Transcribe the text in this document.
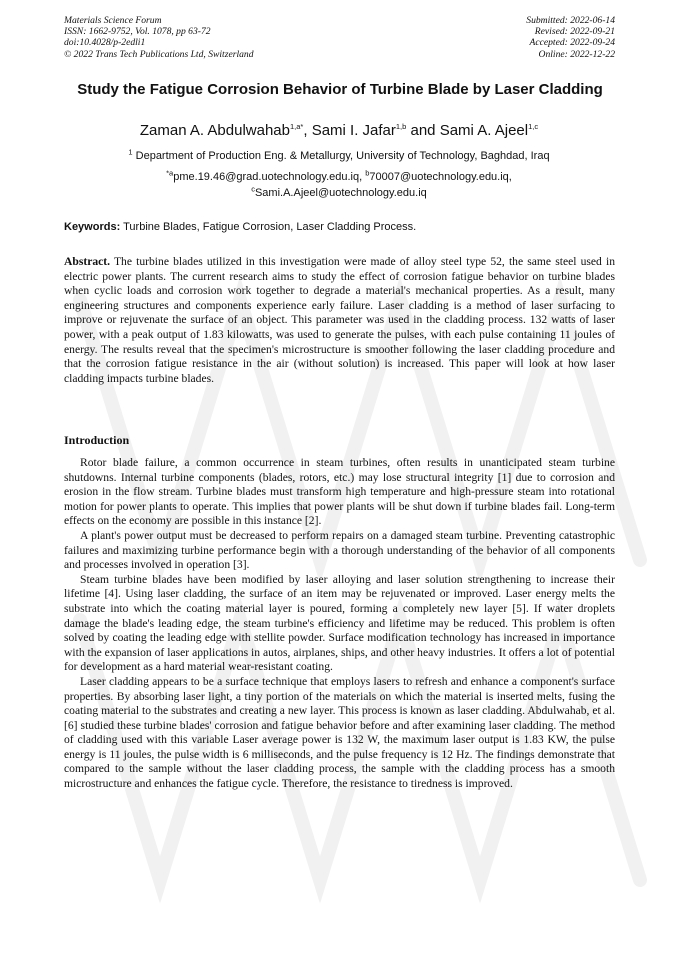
Materials Science Forum
ISSN: 1662-9752, Vol. 1078, pp 63-72
doi:10.4028/p-2edli1
© 2022 Trans Tech Publications Ltd, Switzerland
Submitted: 2022-06-14
Revised: 2022-09-21
Accepted: 2022-09-24
Online: 2022-12-22
Study the Fatigue Corrosion Behavior of Turbine Blade by Laser Cladding
Zaman A. Abdulwahab$^{1,a*}$, Sami I. Jafar$^{1,b}$ and Sami A. Ajeel$^{1,c}$
$^1$ Department of Production Eng. & Metallurgy, University of Technology, Baghdad, Iraq
$^{*a}$pme.19.46@grad.uotechnology.edu.iq, $^b$70007@uotechnology.edu.iq,
$^c$Sami.A.Ajeel@uotechnology.edu.iq
Keywords: Turbine Blades, Fatigue Corrosion, Laser Cladding Process.

Abstract. The turbine blades utilized in this investigation were made of alloy steel type 52, the same steel used in electric power plants. The current research aims to study the effect of corrosion fatigue behavior on turbine blades when cyclic loads and corrosion work together to degrade a material's mechanical properties. As a result, many engineering structures and components experience early failure. Laser cladding is a method of laser surfacing to improve or rejuvenate the surface of an object. This parameter was used in the cladding process. 132 watts of laser power, with a peak output of 1.83 kilowatts, was used to generate the pulses, with each pulse containing 11 joules of energy. The results reveal that the specimen's microstructure is smoother following the laser cladding procedure and that the corrosion fatigue resistance in the air (without solution) is increased. This paper will look at how laser cladding impacts turbine blades.

Introduction

Rotor blade failure, a common occurrence in steam turbines, often results in unanticipated steam turbine shutdowns. Internal turbine components (blades, rotors, etc.) may lose structural integrity [1] due to corrosion and erosion in the flow stream. Turbine blades must transform high temperature and high-pressure steam into rotational motion for power plants to operate. This implies that power plants will be shut down if turbine blades fail. Long-term effects on the economy are possible in this instance [2].

A plant's power output must be decreased to perform repairs on a damaged steam turbine. Preventing catastrophic failures and maximizing turbine performance begin with a thorough understanding of the behavior of all components and processes involved in operation [3].

Steam turbine blades have been modified by laser alloying and laser solution strengthening to increase their lifetime [4]. Using laser cladding, the surface of an item may be rejuvenated or improved. Laser energy melts the substrate into which the coating material layer is poured, forming a completely new layer [5]. If water droplets damage the blade's leading edge, the steam turbine's efficiency and lifetime may be reduced. This problem is often solved by coating the leading edge with stellite powder. Surface modification technology has increased in importance with the expansion of laser applications in autos, airplanes, ships, and other heavy industries. It offers a lot of potential for development as a hard material wear-resistant coating.

Laser cladding appears to be a surface technique that employs lasers to refresh and enhance a component's surface properties. By absorbing laser light, a tiny portion of the materials on which the material is inserted melts, fusing the coating material to the substrates and creating a new layer. This process is known as laser cladding. Abdulwahab, et al. [6] studied these turbine blades' corrosion and fatigue behavior before and after examining laser cladding. The method of cladding used with this variable Laser average power is 132 W, the maximum laser output is 1.83 KW, the pulse energy is 11 joules, the pulse width is 6 milliseconds, and the pulse frequency is 12 Hz. The findings demonstrate that compared to the sample without the laser cladding process, the sample with the cladding process has a smooth microstructure and enhances the fatigue cycle. Therefore, the resistance to tiredness is improved.
